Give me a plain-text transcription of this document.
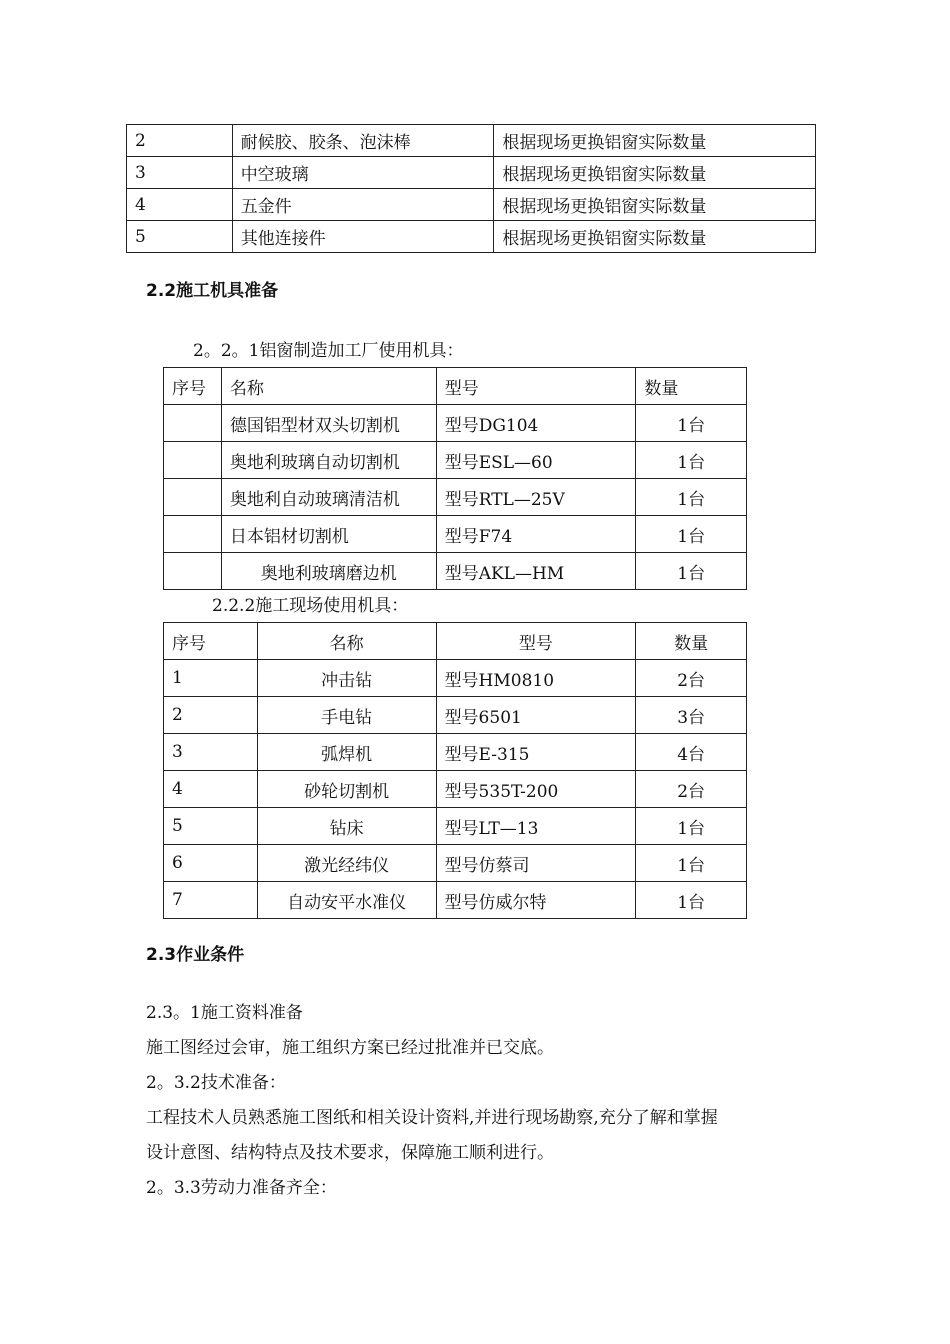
2	耐候胶、胶条、泡沫棒	根据现场更换铝窗实际数量
3	中空玻璃	根据现场更换铝窗实际数量
4	五金件	根据现场更换铝窗实际数量
5	其他连接件	根据现场更换铝窗实际数量
2.2施工机具准备
2。2。1铝窗制造加工厂使用机具：
序号	名称	型号	数量
	德国铝型材双头切割机	型号DG104	1台
	奥地利玻璃自动切割机	型号ESL—60	1台
	奥地利自动玻璃清洁机	型号RTL—25V	1台
	日本铝材切割机	型号F74	1台
	奥地利玻璃磨边机	型号AKL—HM	1台
2.2.2施工现场使用机具：
序号	名称	型号	数量
1	冲击钻	型号HM0810	2台
2	手电钻	型号6501	3台
3	弧焊机	型号E-315	4台
4	砂轮切割机	型号535T-200	2台
5	钻床	型号LT—13	1台
6	激光经纬仪	型号仿蔡司	1台
7	自动安平水准仪	型号仿威尔特	1台
2.3作业条件
2.3。1施工资料准备
施工图经过会审，施工组织方案已经过批准并已交底。
2。3.2技术准备：
工程技术人员熟悉施工图纸和相关设计资料,并进行现场勘察,充分了解和掌握
设计意图、结构特点及技术要求，保障施工顺利进行。
2。3.3劳动力准备齐全：
